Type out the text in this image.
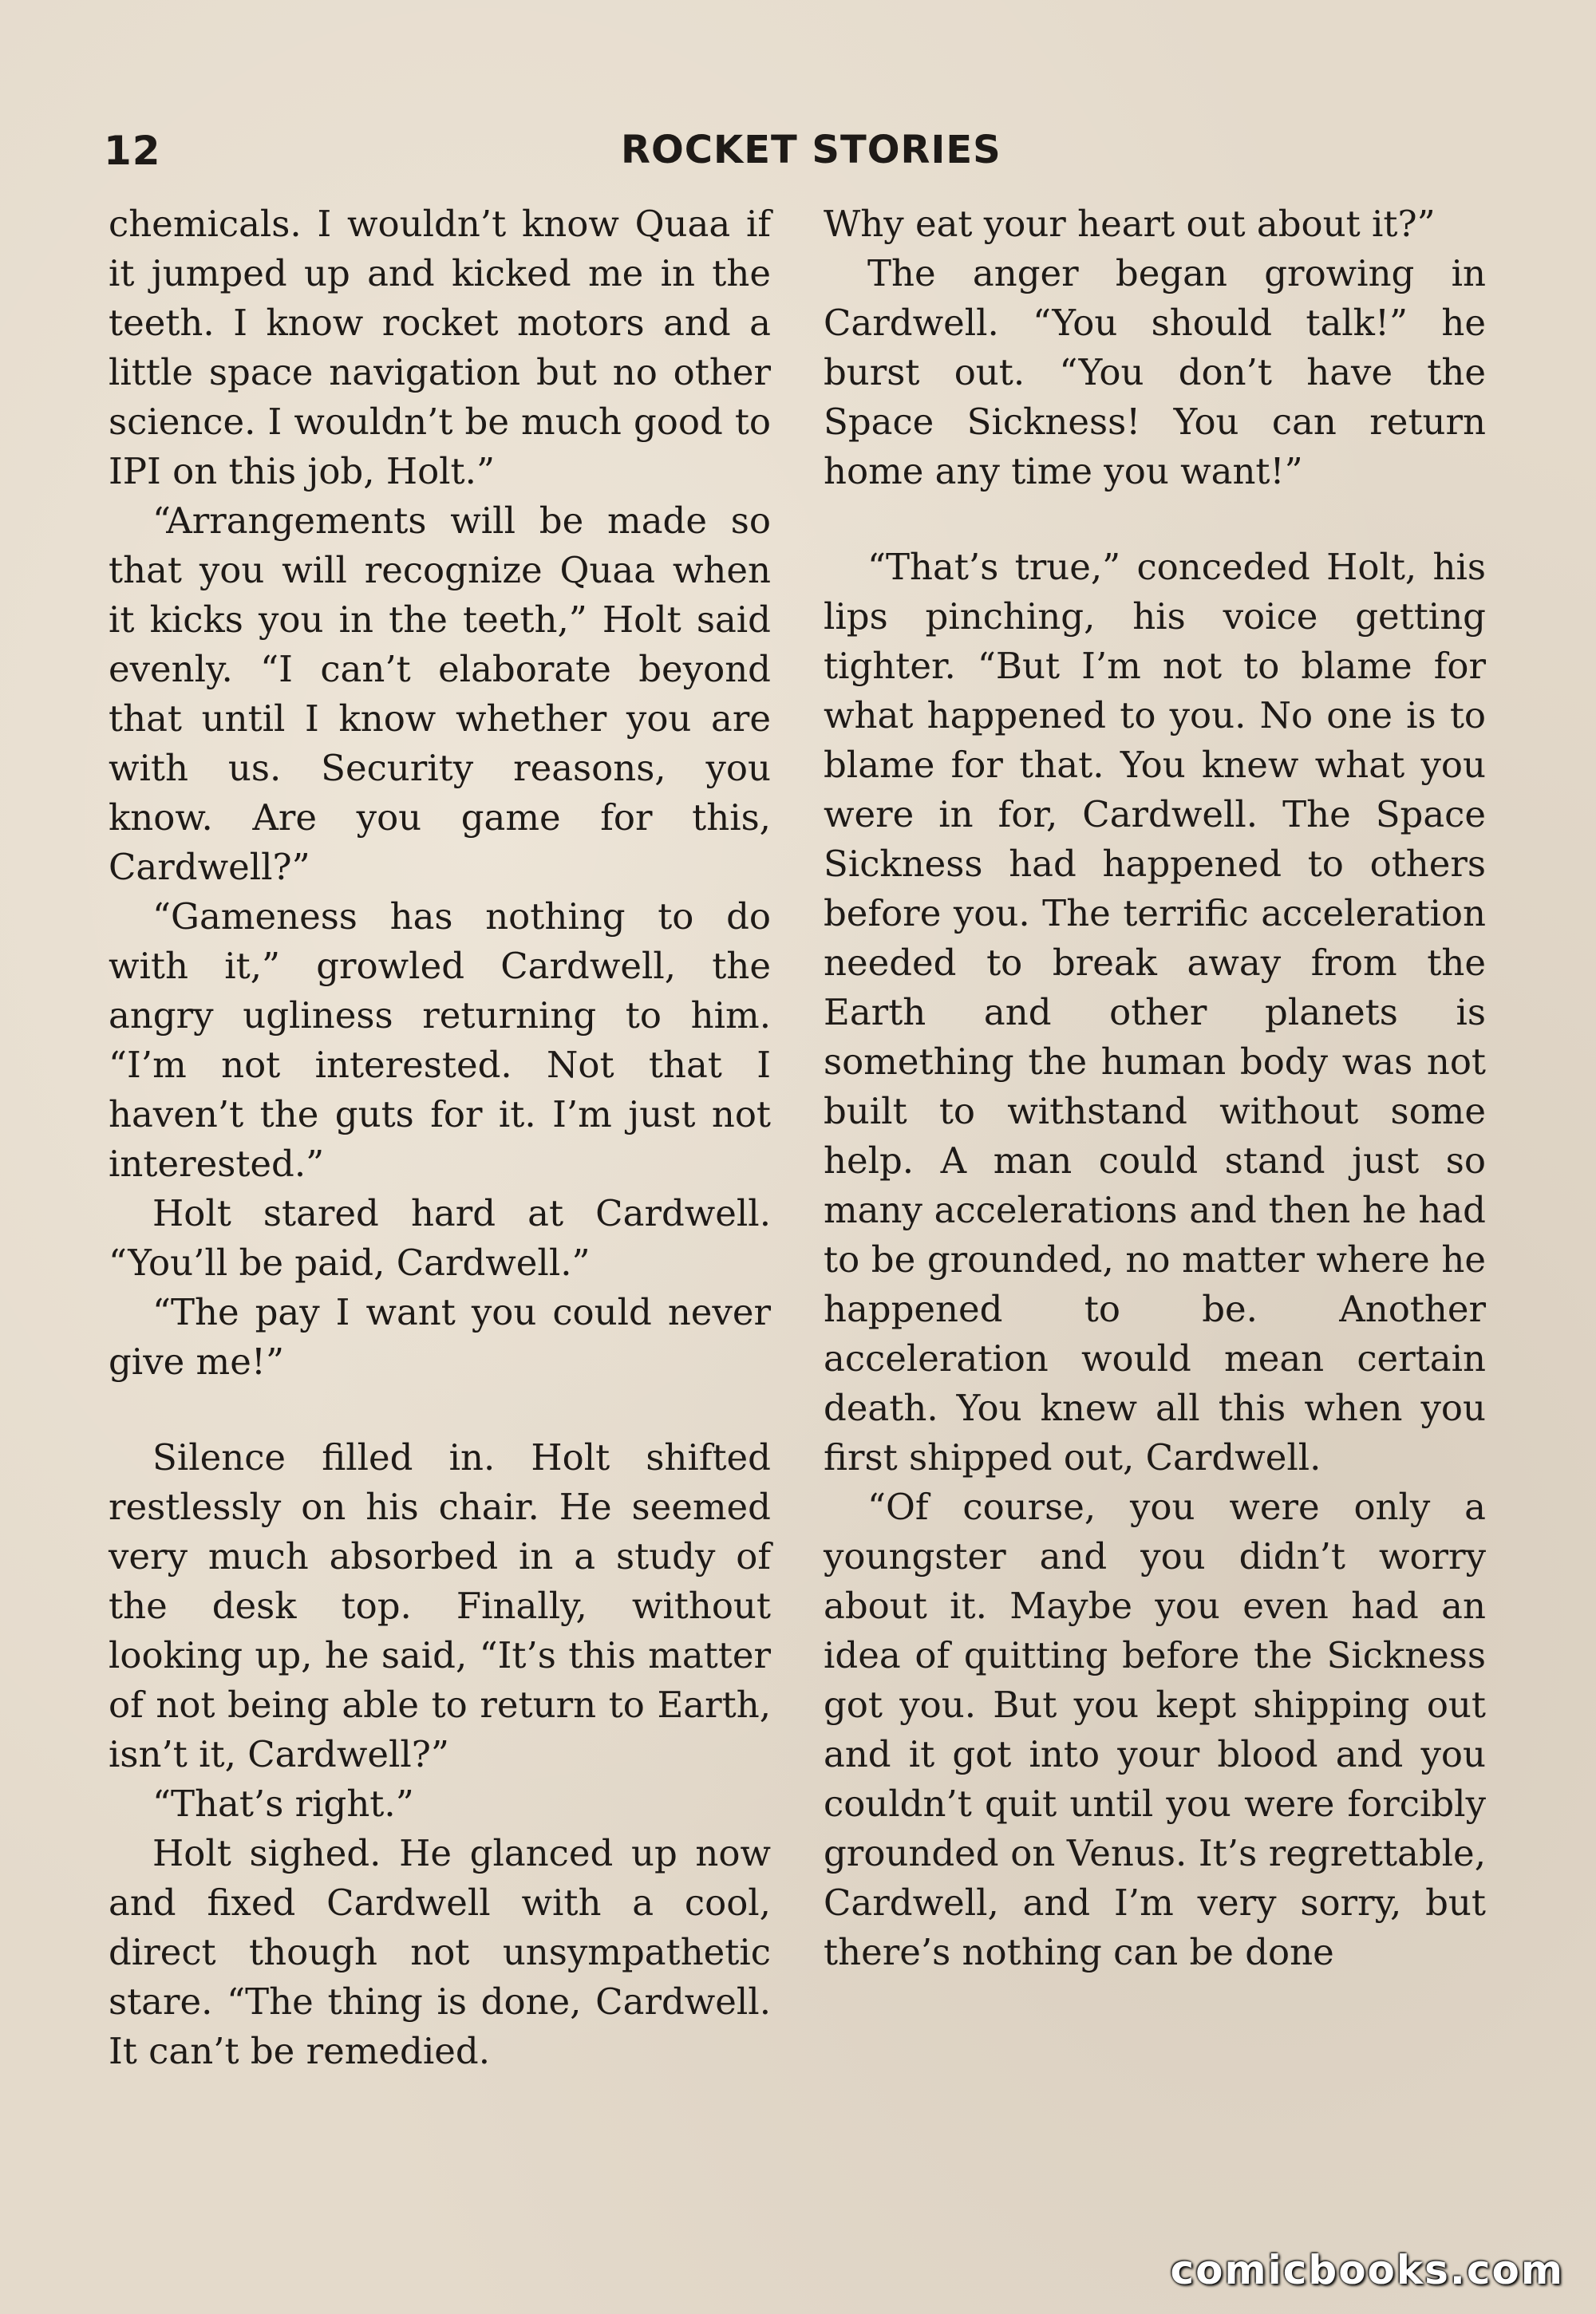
12	ROCKET STORIES

chemicals. I wouldn’t know Quaa if it jumped up and kicked me in the teeth. I know rocket motors and a little space navigation but no other science. I wouldn’t be much good to IPI on this job, Holt.”

“Arrangements will be made so that you will recognize Quaa when it kicks you in the teeth,” Holt said evenly. “I can’t elaborate beyond that until I know whether you are with us. Security reasons, you know. Are you game for this, Cardwell?”

“Gameness has nothing to do with it,” growled Cardwell, the angry ugliness returning to him. “I’m not interested. Not that I haven’t the guts for it. I’m just not interested.”

Holt stared hard at Cardwell. “You’ll be paid, Cardwell.”

“The pay I want you could never give me!”

Silence filled in. Holt shifted restlessly on his chair. He seemed very much absorbed in a study of the desk top. Finally, without looking up, he said, “It’s this matter of not being able to return to Earth, isn’t it, Cardwell?”

“That’s right.”

Holt sighed. He glanced up now and fixed Cardwell with a cool, direct though not unsympathetic stare. “The thing is done, Cardwell. It can’t be remedied.

Why eat your heart out about it?”

The anger began growing in Cardwell. “You should talk!” he burst out. “You don’t have the Space Sickness! You can return home any time you want!”

“That’s true,” conceded Holt, his lips pinching, his voice getting tighter. “But I’m not to blame for what happened to you. No one is to blame for that. You knew what you were in for, Cardwell. The Space Sickness had happened to others before you. The terrific acceleration needed to break away from the Earth and other planets is something the human body was not built to withstand without some help. A man could stand just so many accelerations and then he had to be grounded, no matter where he happened to be. Another acceleration would mean certain death. You knew all this when you first shipped out, Cardwell.

“Of course, you were only a youngster and you didn’t worry about it. Maybe you even had an idea of quitting before the Sickness got you. But you kept shipping out and it got into your blood and you couldn’t quit until you were forcibly grounded on Venus. It’s regrettable, Cardwell, and I’m very sorry, but there’s nothing can be done

comicbooks.com
